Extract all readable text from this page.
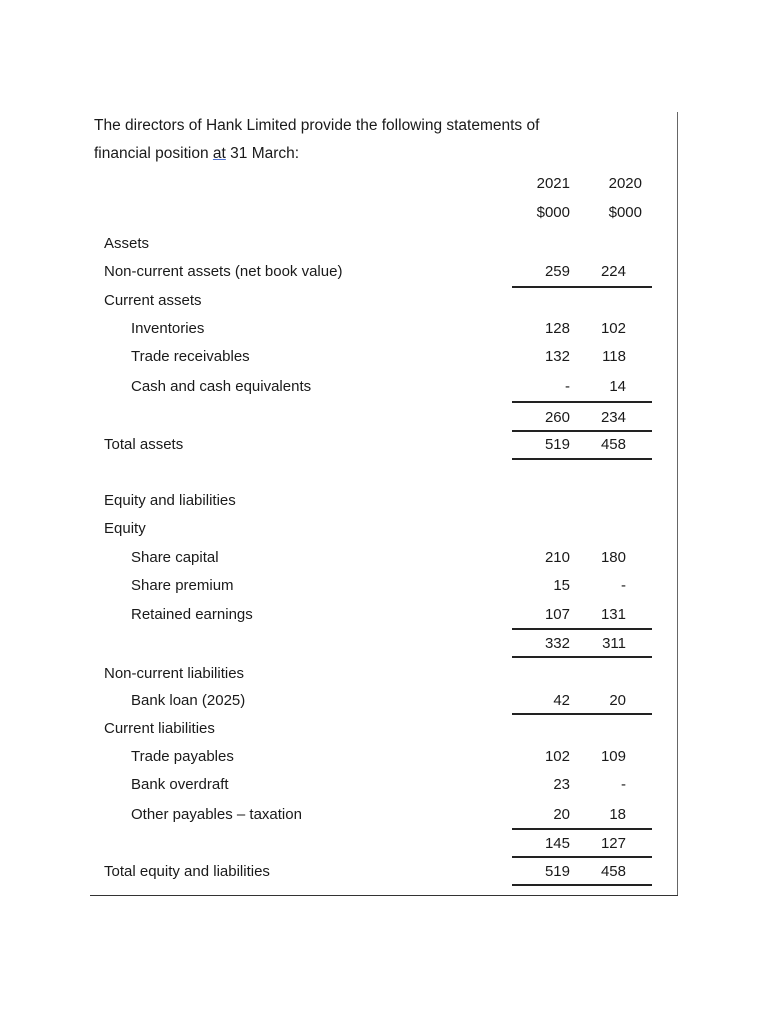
The directors of Hank Limited provide the following statements of
financial position at 31 March:
2021	2020
$000	$000
Assets
Non-current assets (net book value)	259	224
Current assets
Inventories	128	102
Trade receivables	132	118
Cash and cash equivalents	-	14
260	234
Total assets	519	458
Equity and liabilities
Equity
Share capital	210	180
Share premium	15	-
Retained earnings	107	131
332	311
Non-current liabilities
Bank loan (2025)	42	20
Current liabilities
Trade payables	102	109
Bank overdraft	23	-
Other payables – taxation	20	18
145	127
Total equity and liabilities	519	458
